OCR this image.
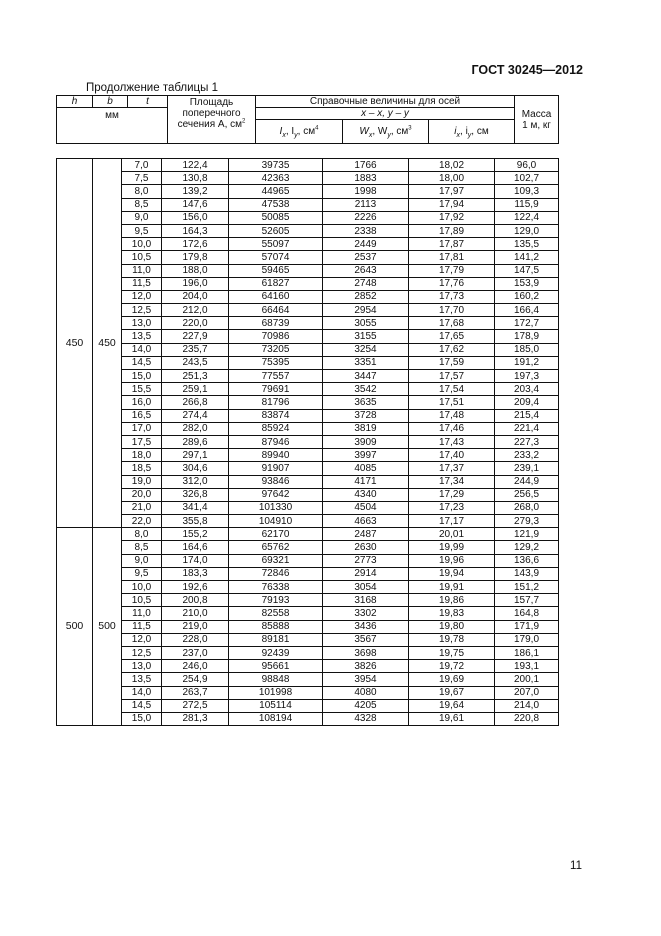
ГОСТ 30245—2012
Продолжение таблицы 1
h	b	t	Площадь
поперечного
сечения A, $см^2$	Справочные величины для осей			Масса
1 м, кг
мм				x – x, y – y			
				$I_x$, $I_y$, $см^4$	$W_x$, $W_y$, $см^3$	$i_x$, $i_y$, см	
450	450	7,0	122,4	39735	1766	18,02	96,0
		7,5	130,8	42363	1883	18,00	102,7
		8,0	139,2	44965	1998	17,97	109,3
		8,5	147,6	47538	2113	17,94	115,9
		9,0	156,0	50085	2226	17,92	122,4
		9,5	164,3	52605	2338	17,89	129,0
		10,0	172,6	55097	2449	17,87	135,5
		10,5	179,8	57074	2537	17,81	141,2
		11,0	188,0	59465	2643	17,79	147,5
		11,5	196,0	61827	2748	17,76	153,9
		12,0	204,0	64160	2852	17,73	160,2
		12,5	212,0	66464	2954	17,70	166,4
		13,0	220,0	68739	3055	17,68	172,7
		13,5	227,9	70986	3155	17,65	178,9
		14,0	235,7	73205	3254	17,62	185,0
		14,5	243,5	75395	3351	17,59	191,2
		15,0	251,3	77557	3447	17,57	197,3
		15,5	259,1	79691	3542	17,54	203,4
		16,0	266,8	81796	3635	17,51	209,4
		16,5	274,4	83874	3728	17,48	215,4
		17,0	282,0	85924	3819	17,46	221,4
		17,5	289,6	87946	3909	17,43	227,3
		18,0	297,1	89940	3997	17,40	233,2
		18,5	304,6	91907	4085	17,37	239,1
		19,0	312,0	93846	4171	17,34	244,9
		20,0	326,8	97642	4340	17,29	256,5
		21,0	341,4	101330	4504	17,23	268,0
		22,0	355,8	104910	4663	17,17	279,3
500	500	8,0	155,2	62170	2487	20,01	121,9
		8,5	164,6	65762	2630	19,99	129,2
		9,0	174,0	69321	2773	19,96	136,6
		9,5	183,3	72846	2914	19,94	143,9
		10,0	192,6	76338	3054	19,91	151,2
		10,5	200,8	79193	3168	19,86	157,7
		11,0	210,0	82558	3302	19,83	164,8
		11,5	219,0	85888	3436	19,80	171,9
		12,0	228,0	89181	3567	19,78	179,0
		12,5	237,0	92439	3698	19,75	186,1
		13,0	246,0	95661	3826	19,72	193,1
		13,5	254,9	98848	3954	19,69	200,1
		14,0	263,7	101998	4080	19,67	207,0
		14,5	272,5	105114	4205	19,64	214,0
		15,0	281,3	108194	4328	19,61	220,8
11
